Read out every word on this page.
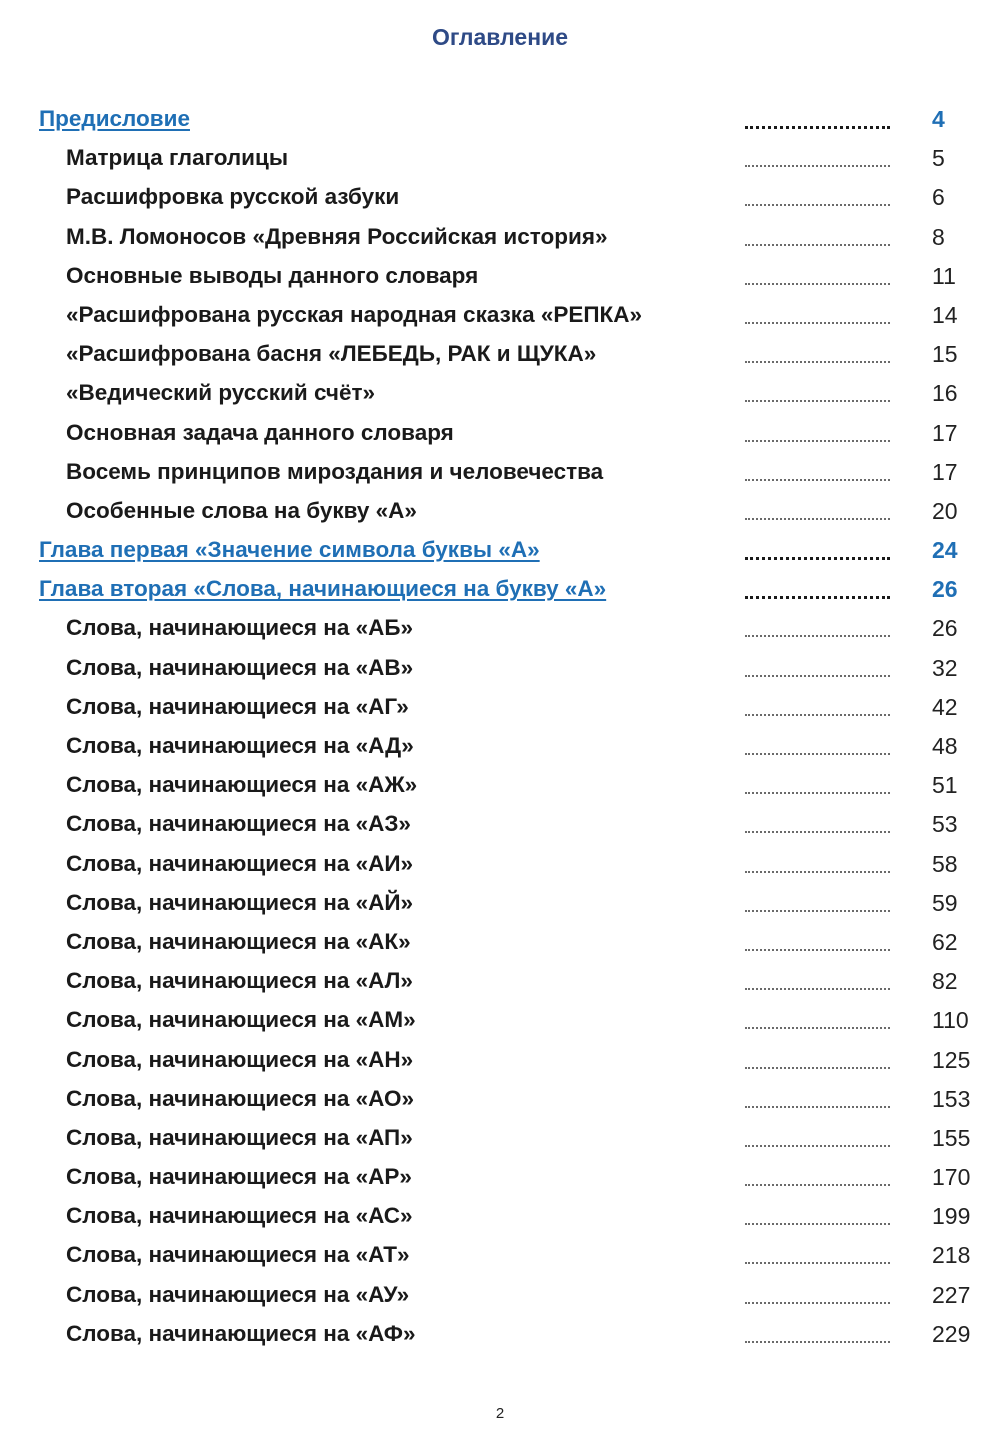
Оглавление
Предисловие	4
Матрица глаголицы	5
Расшифровка русской азбуки	6
М.В. Ломоносов «Древняя Российская история»	8
Основные выводы данного словаря	11
«Расшифрована русская народная сказка «РЕПКА»	14
«Расшифрована басня «ЛЕБЕДЬ, РАК и ЩУКА»	15
«Ведический русский счёт»	16
Основная задача данного словаря	17
Восемь принципов мироздания и человечества	17
Особенные слова на букву «А»	20
Глава первая «Значение символа буквы «А»	24
Глава вторая «Слова, начинающиеся на букву «А»	26
Слова, начинающиеся на «АБ»	26
Слова, начинающиеся на «АВ»	32
Слова, начинающиеся на «АГ»	42
Слова, начинающиеся на «АД»	48
Слова, начинающиеся на «АЖ»	51
Слова, начинающиеся на «АЗ»	53
Слова, начинающиеся на «АИ»	58
Слова, начинающиеся на «АЙ»	59
Слова, начинающиеся на «АК»	62
Слова, начинающиеся на «АЛ»	82
Слова, начинающиеся на «АМ»	110
Слова, начинающиеся на «АН»	125
Слова, начинающиеся на «АО»	153
Слова, начинающиеся на «АП»	155
Слова, начинающиеся на «АР»	170
Слова, начинающиеся на «АС»	199
Слова, начинающиеся на «АТ»	218
Слова, начинающиеся на «АУ»	227
Слова, начинающиеся на «АФ»	229
2
